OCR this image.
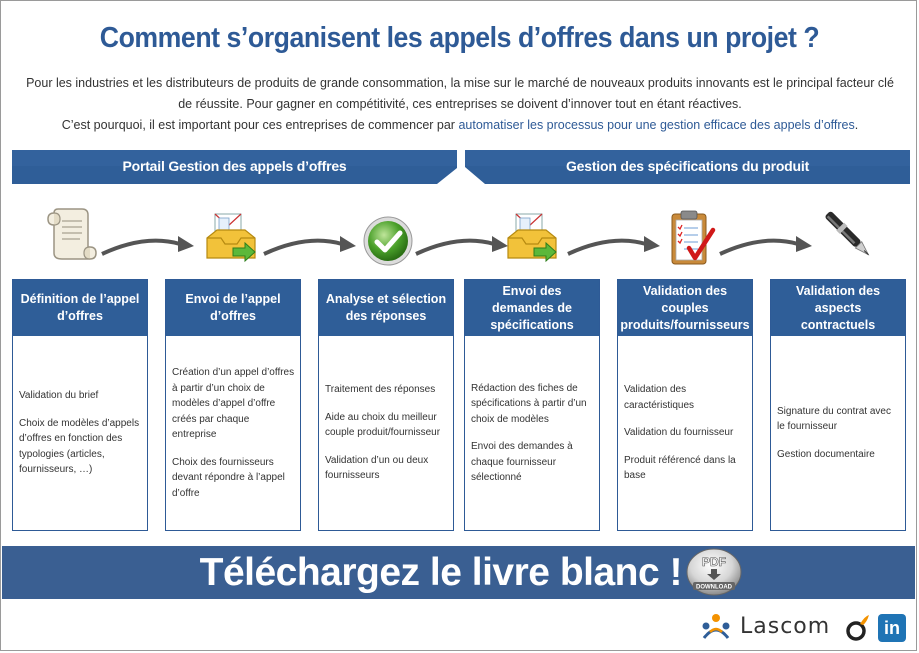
Comment s’organisent les appels d’offres dans un projet ?
Pour les industries et les distributeurs de produits de grande consommation, la mise sur le marché de nouveaux produits innovants est le principal facteur clé
de réussite. Pour gagner en compétitivité, ces entreprises se doivent d’innover tout en étant réactives.
C’est pourquoi, il est important pour ces entreprises de commencer par automatiser les processus pour une gestion efficace des appels d’offres.
Portail Gestion des appels d’offres	Gestion des spécifications du produit
Définition de l’appel d’offres

Validation du brief

Choix de modèles d’appels d’offres en fonction des typologies (articles, fournisseurs, …)

Envoi de l’appel d’offres

Création d’un appel d’offres à partir d’un choix de modèles d’appel d’offre créés par chaque entreprise

Choix des fournisseurs devant répondre à l’appel d’offre

Analyse et sélection des réponses

Traitement des réponses

Aide au choix du meilleur couple produit/fournisseur

Validation d’un ou deux fournisseurs

Envoi des demandes de spécifications

Rédaction des fiches de spécifications à partir d’un choix de modèles

Envoi des demandes à chaque fournisseur sélectionné

Validation des couples produits/fournisseurs

Validation des caractéristiques

Validation du fournisseur

Produit référencé dans la base

Validation des aspects contractuels

Signature du contrat avec le fournisseur

Gestion documentaire

Téléchargez le livre blanc ! PDF
DOWNLOAD
Lascom	in
